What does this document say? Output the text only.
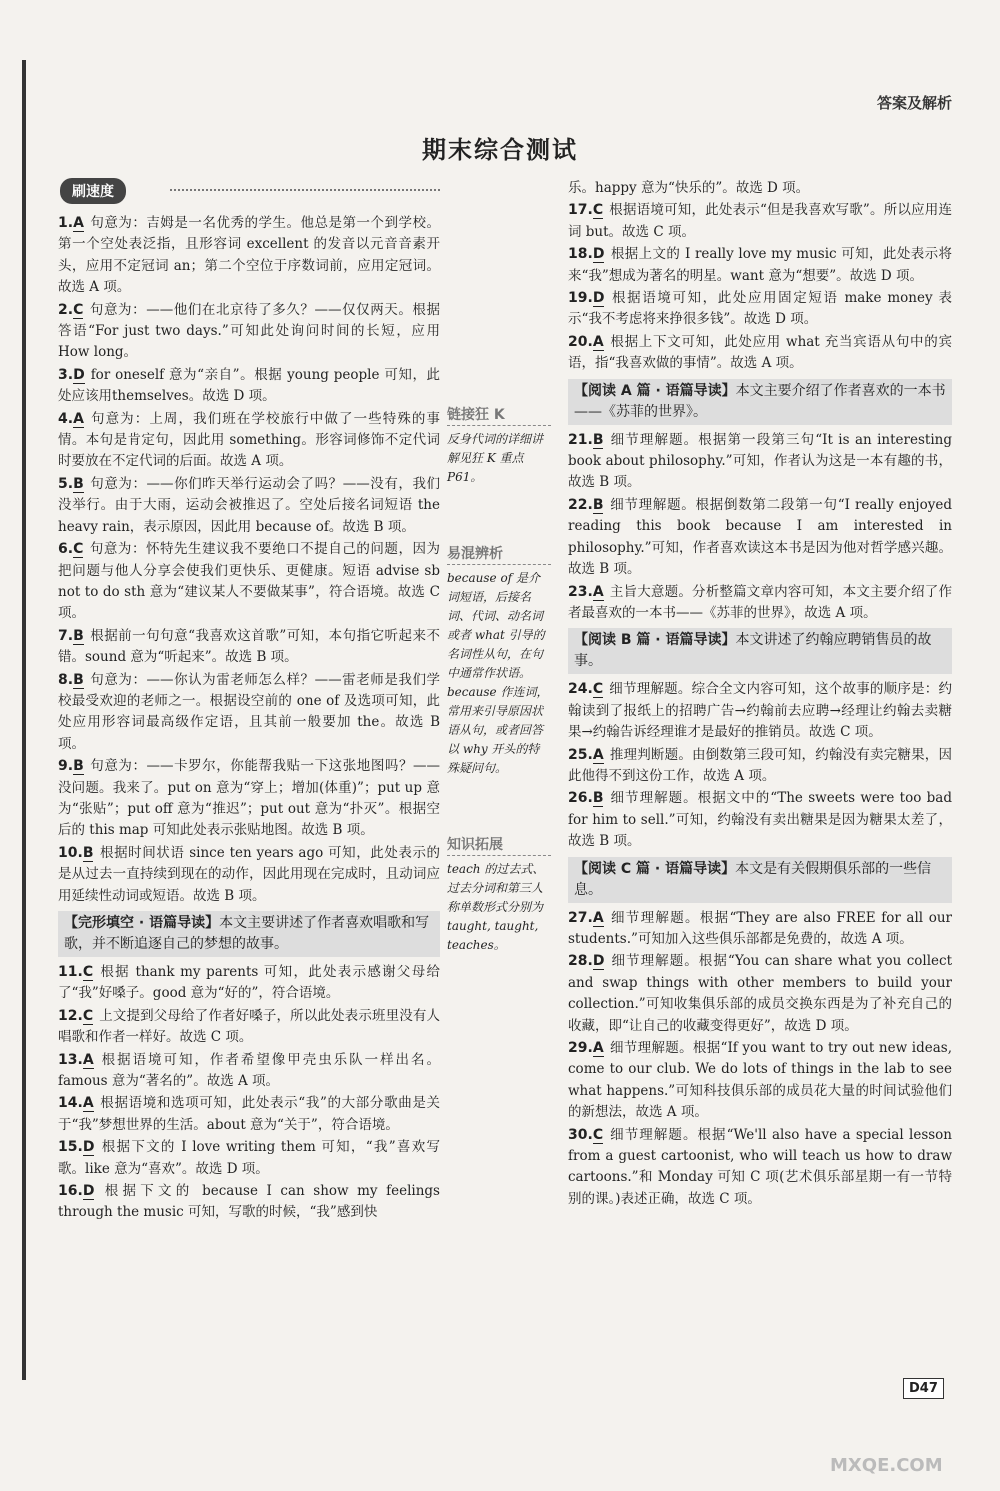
答案及解析
期末综合测试
刷速度
1.A 句意为：吉姆是一名优秀的学生。他总是第一个到学校。第一个空处表泛指，且形容词 excellent 的发音以元音音素开头，应用不定冠词 an；第二个空位于序数词前，应用定冠词。故选 A 项。
2.C 句意为：——他们在北京待了多久？——仅仅两天。根据答语“For just two days.”可知此处询问时间的长短，应用 How long。
3.D for oneself 意为“亲自”。根据 young people 可知，此处应该用themselves。故选 D 项。
4.A 句意为：上周，我们班在学校旅行中做了一些特殊的事情。本句是肯定句，因此用 something。形容词修饰不定代词时要放在不定代词的后面。故选 A 项。
5.B 句意为：——你们昨天举行运动会了吗？——没有，我们没举行。由于大雨，运动会被推迟了。空处后接名词短语 the heavy rain，表示原因，因此用 because of。故选 B 项。
6.C 句意为：怀特先生建议我不要绝口不提自己的问题，因为把问题与他人分享会使我们更快乐、更健康。短语 advise sb not to do sth 意为“建议某人不要做某事”，符合语境。故选 C 项。
7.B 根据前一句句意“我喜欢这首歌”可知，本句指它听起来不错。sound 意为“听起来”。故选 B 项。
8.B 句意为：——你认为雷老师怎么样？——雷老师是我们学校最受欢迎的老师之一。根据设空前的 one of 及选项可知，此处应用形容词最高级作定语，且其前一般要加 the。故选 B 项。
9.B 句意为：——卡罗尔，你能帮我贴一下这张地图吗？——没问题。我来了。put on 意为“穿上；增加(体重)”；put up 意为“张贴”；put off 意为“推迟”；put out 意为“扑灭”。根据空后的 this map 可知此处表示张贴地图。故选 B 项。
10.B 根据时间状语 since ten years ago 可知，此处表示的是从过去一直持续到现在的动作，因此用现在完成时，且动词应用延续性动词或短语。故选 B 项。
【完形填空 · 语篇导读】本文主要讲述了作者喜欢唱歌和写歌，并不断追逐自己的梦想的故事。
11.C 根据 thank my parents 可知，此处表示感谢父母给了“我”好嗓子。good 意为“好的”，符合语境。
12.C 上文提到父母给了作者好嗓子，所以此处表示班里没有人唱歌和作者一样好。故选 C 项。
13.A 根据语境可知，作者希望像甲壳虫乐队一样出名。famous 意为“著名的”。故选 A 项。
14.A 根据语境和选项可知，此处表示“我”的大部分歌曲是关于“我”梦想世界的生活。about 意为“关于”，符合语境。
15.D 根据下文的 I love writing them 可知，“我”喜欢写歌。like 意为“喜欢”。故选 D 项。
16.D 根据下文的 because I can show my feelings through the music 可知，写歌的时候，“我”感到快
链接狂 K
反身代词的详细讲解见狂 K 重点 P61。
易混辨析
because of 是介词短语，后接名词、代词、动名词或者 what 引导的名词性从句，在句中通常作状语。because 作连词，常用来引导原因状语从句，或者回答以 why 开头的特殊疑问句。
知识拓展
teach 的过去式、过去分词和第三人称单数形式分别为 taught, taught, teaches。
乐。happy 意为“快乐的”。故选 D 项。
17.C 根据语境可知，此处表示“但是我喜欢写歌”。所以应用连词 but。故选 C 项。
18.D 根据上文的 I really love my music 可知，此处表示将来“我”想成为著名的明星。want 意为“想要”。故选 D 项。
19.D 根据语境可知，此处应用固定短语 make money 表示“我不考虑将来挣很多钱”。故选 D 项。
20.A 根据上下文可知，此处应用 what 充当宾语从句中的宾语，指“我喜欢做的事情”。故选 A 项。
【阅读 A 篇 · 语篇导读】本文主要介绍了作者喜欢的一本书——《苏菲的世界》。
21.B 细节理解题。根据第一段第三句“It is an interesting book about philosophy.”可知，作者认为这是一本有趣的书，故选 B 项。
22.B 细节理解题。根据倒数第二段第一句“I really enjoyed reading this book because I am interested in philosophy.”可知，作者喜欢读这本书是因为他对哲学感兴趣。故选 B 项。
23.A 主旨大意题。分析整篇文章内容可知，本文主要介绍了作者最喜欢的一本书——《苏菲的世界》，故选 A 项。
【阅读 B 篇 · 语篇导读】本文讲述了约翰应聘销售员的故事。
24.C 细节理解题。综合全文内容可知，这个故事的顺序是：约翰读到了报纸上的招聘广告→约翰前去应聘→经理让约翰去卖糖果→约翰告诉经理谁才是最好的推销员。故选 C 项。
25.A 推理判断题。由倒数第三段可知，约翰没有卖完糖果，因此他得不到这份工作，故选 A 项。
26.B 细节理解题。根据文中的“The sweets were too bad for him to sell.”可知，约翰没有卖出糖果是因为糖果太差了，故选 B 项。
【阅读 C 篇 · 语篇导读】本文是有关假期俱乐部的一些信息。
27.A 细节理解题。根据“They are also FREE for all our students.”可知加入这些俱乐部都是免费的，故选 A 项。
28.D 细节理解题。根据“You can share what you collect and swap things with other members to build your collection.”可知收集俱乐部的成员交换东西是为了补充自己的收藏，即“让自己的收藏变得更好”，故选 D 项。
29.A 细节理解题。根据“If you want to try out new ideas, come to our club. We do lots of things in the lab to see what happens.”可知科技俱乐部的成员花大量的时间试验他们的新想法，故选 A 项。
30.C 细节理解题。根据“We'll also have a special lesson from a guest cartoonist, who will teach us how to draw cartoons.”和 Monday 可知 C 项(艺术俱乐部星期一有一节特别的课。)表述正确，故选 C 项。
D47
MXQE.COM
